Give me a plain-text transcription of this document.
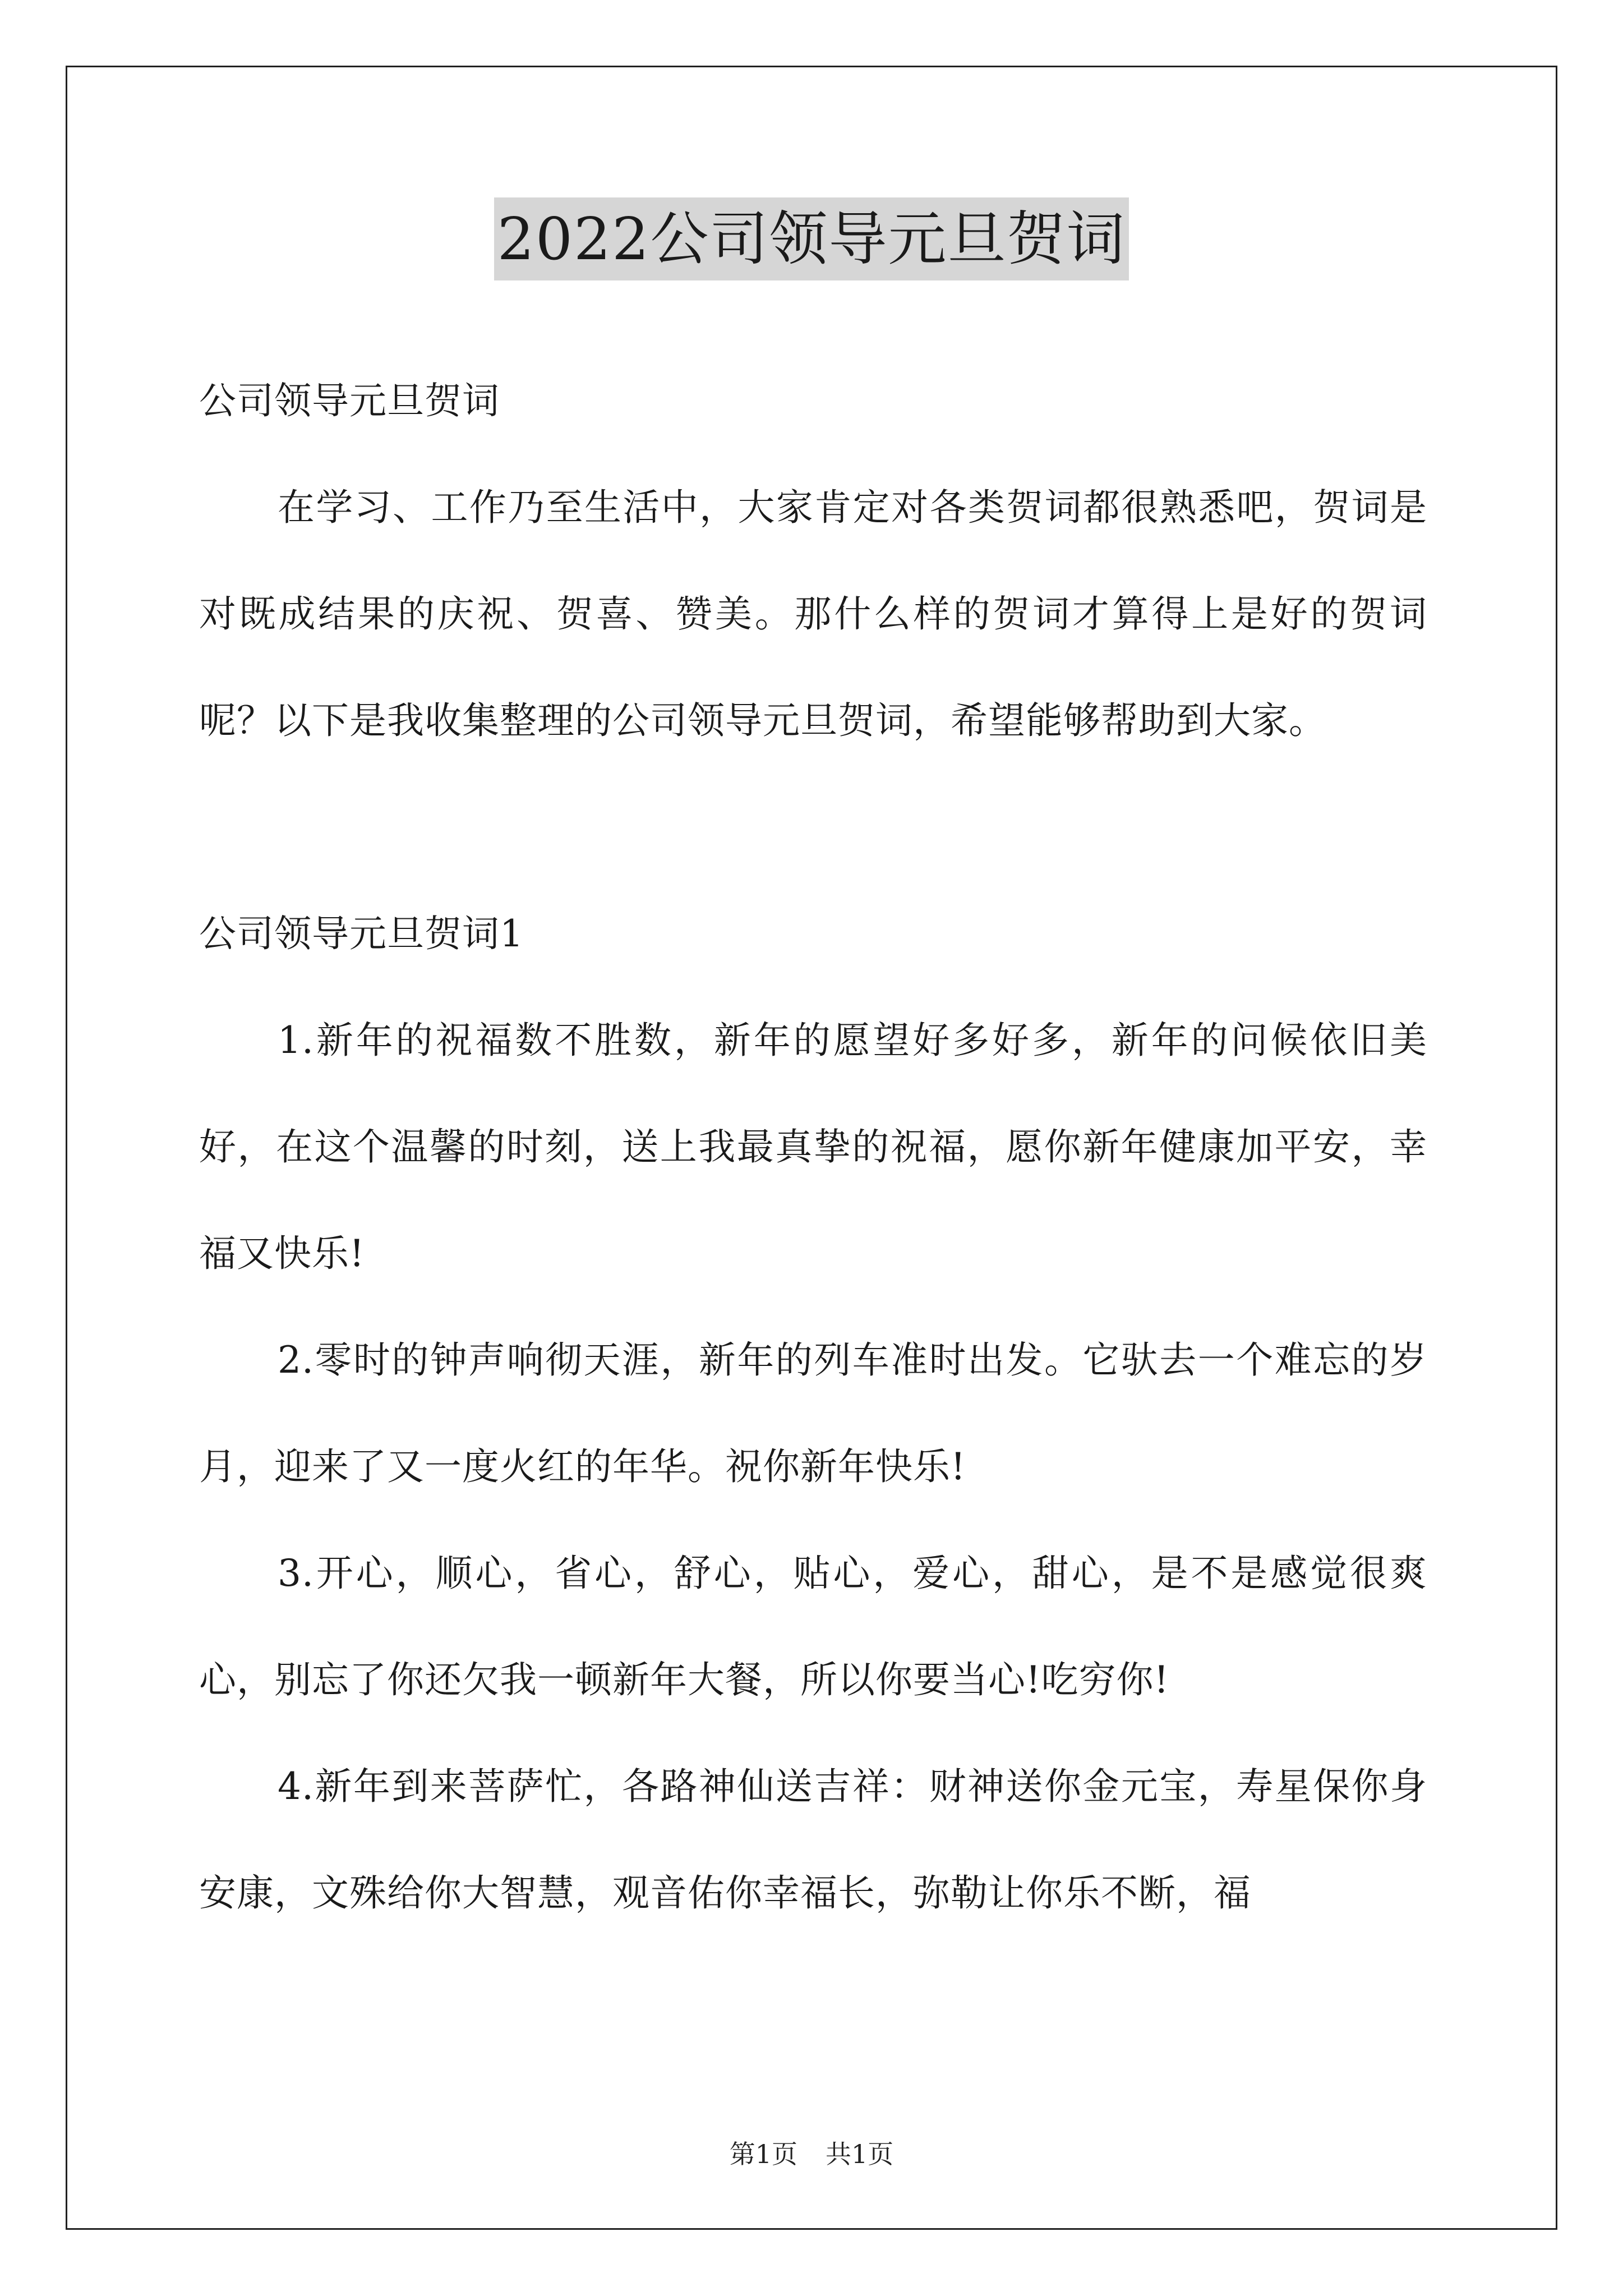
2022公司领导元旦贺词

公司领导元旦贺词

在学习、工作乃至生活中，大家肯定对各类贺词都很熟悉吧，贺词是对既成结果的庆祝、贺喜、赞美。那什么样的贺词才算得上是好的贺词呢？以下是我收集整理的公司领导元旦贺词，希望能够帮助到大家。

公司领导元旦贺词1

1.新年的祝福数不胜数，新年的愿望好多好多，新年的问候依旧美好，在这个温馨的时刻，送上我最真挚的祝福，愿你新年健康加平安，幸福又快乐!

2.零时的钟声响彻天涯，新年的列车准时出发。它驮去一个难忘的岁月，迎来了又一度火红的年华。祝你新年快乐!

3.开心，顺心，省心，舒心，贴心，爱心，甜心，是不是感觉很爽心，别忘了你还欠我一顿新年大餐，所以你要当心!吃穷你!

4.新年到来菩萨忙，各路神仙送吉祥：财神送你金元宝，寿星保你身安康，文殊给你大智慧，观音佑你幸福长，弥勒让你乐不断，福

第1页 共1页
